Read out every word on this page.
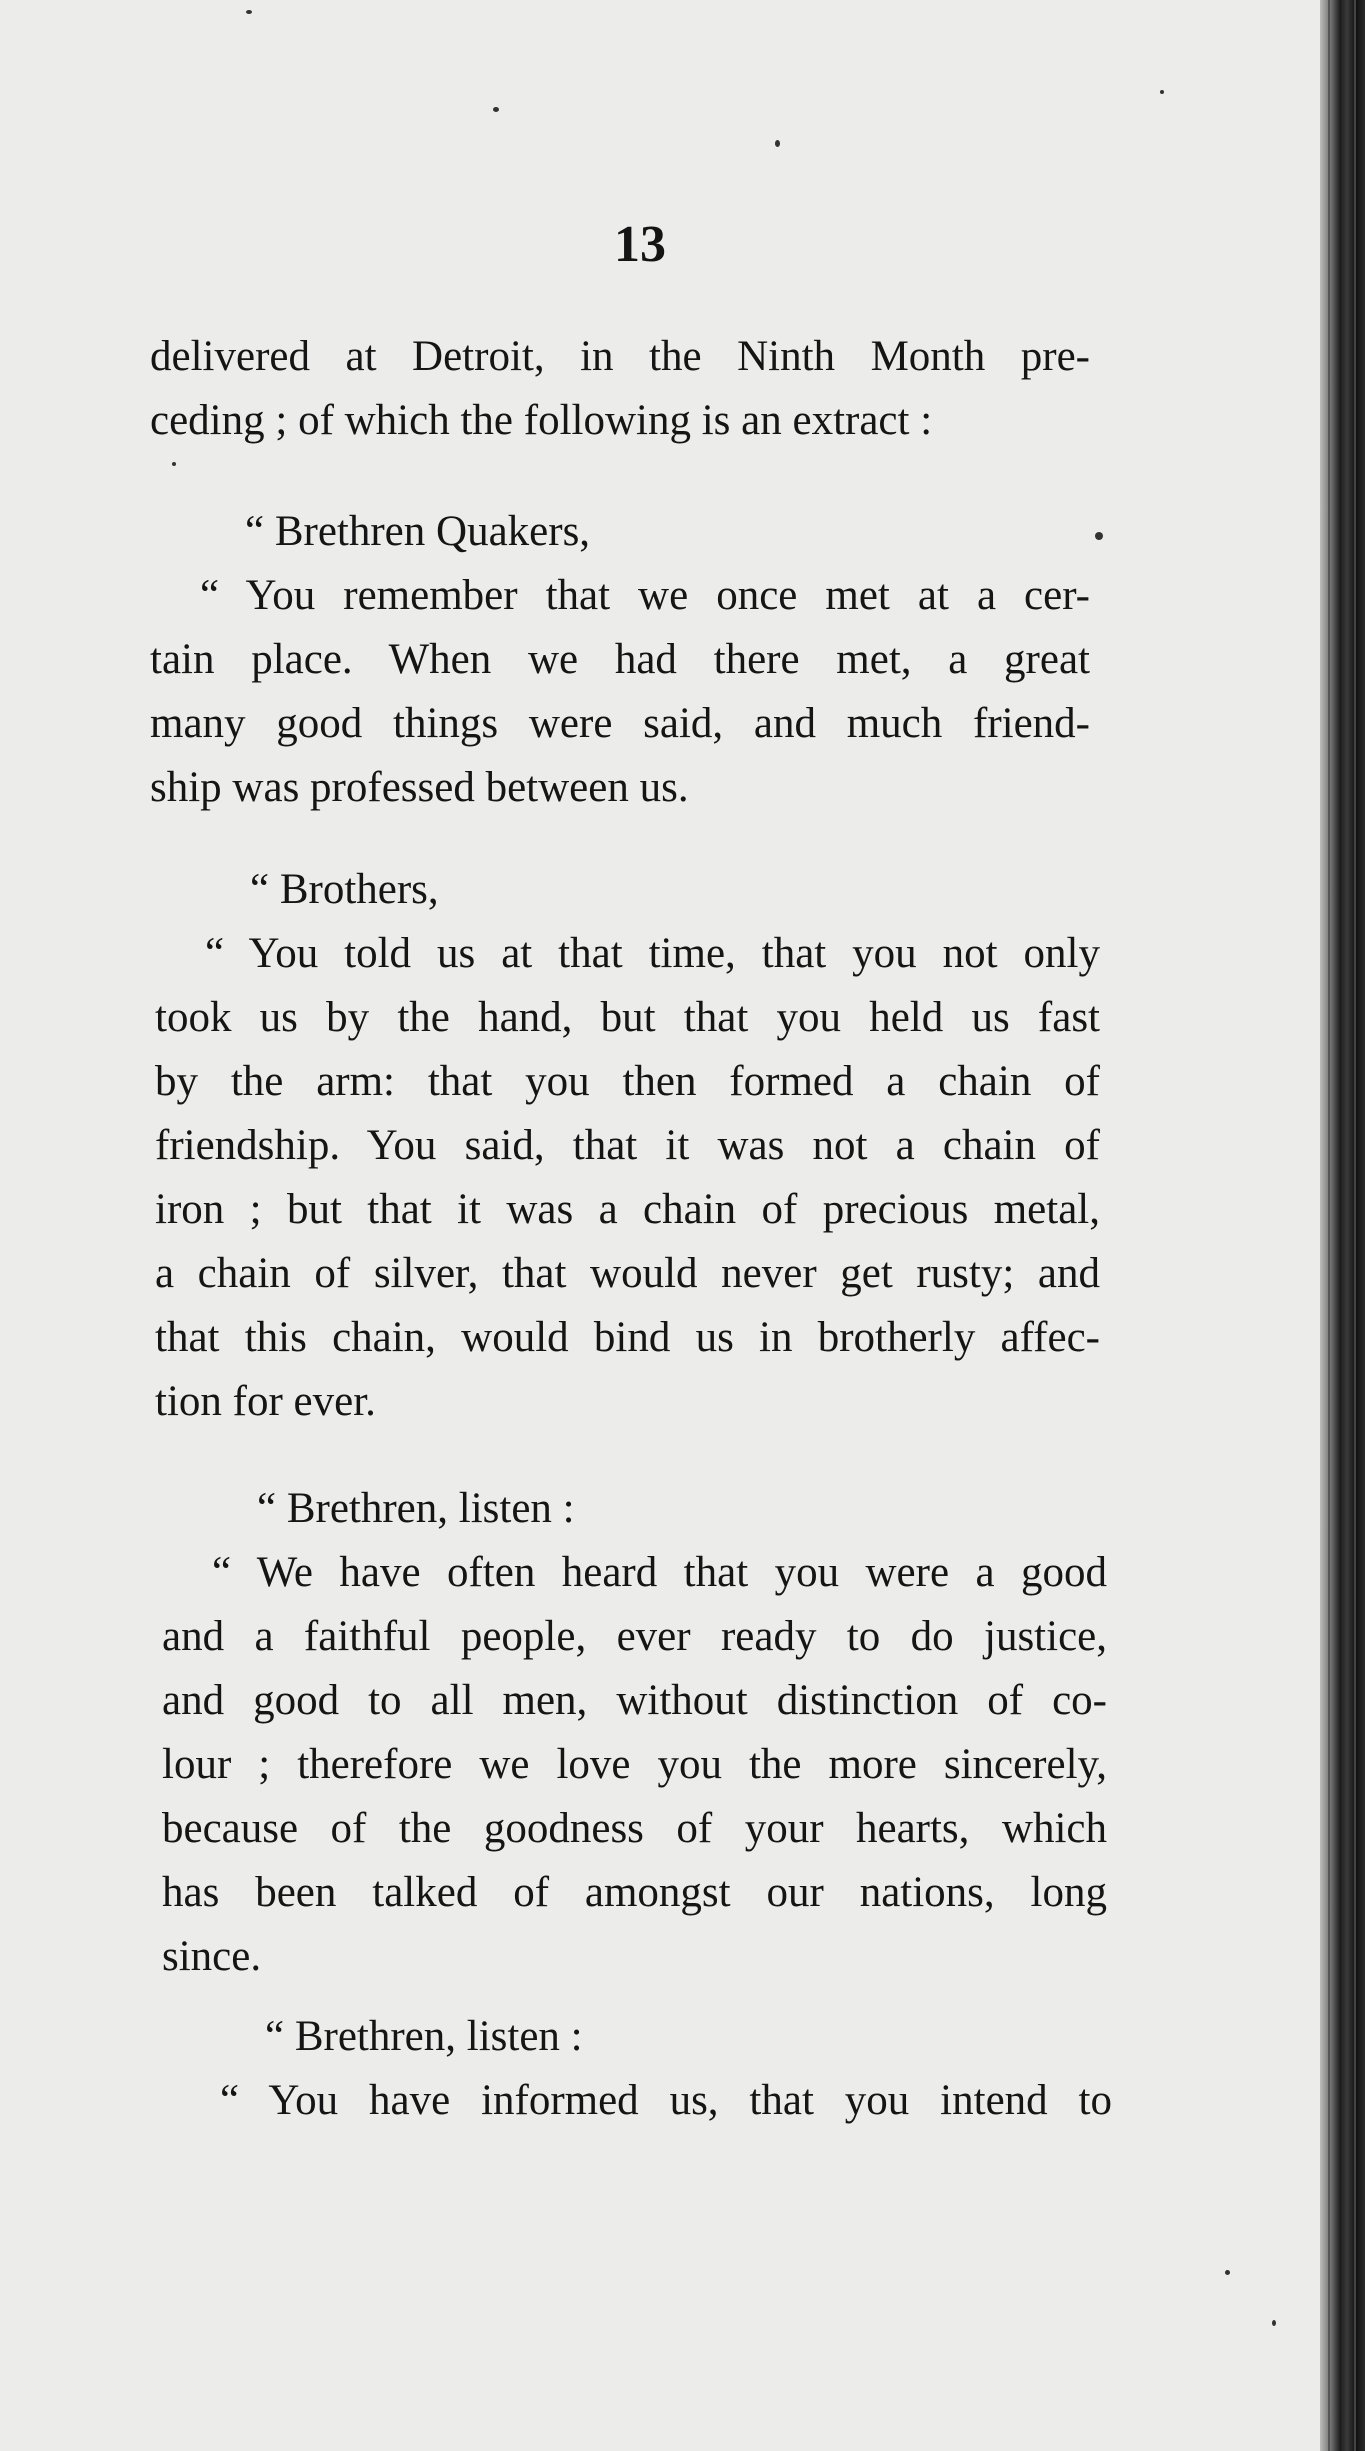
13
delivered at Detroit, in the Ninth Month pre-
ceding ; of which the following is an extract :
“ Brethren Quakers,
“ You remember that we once met at a cer-
tain place. When we had there met, a great
many good things were said, and much friend-
ship was professed between us.
“ Brothers,
“ You told us at that time, that you not only
took us by the hand, but that you held us fast
by the arm: that you then formed a chain of
friendship. You said, that it was not a chain of
iron ; but that it was a chain of precious metal,
a chain of silver, that would never get rusty; and
that this chain, would bind us in brotherly affec-
tion for ever.
“ Brethren, listen :
“ We have often heard that you were a good
and a faithful people, ever ready to do justice,
and good to all men, without distinction of co-
lour ; therefore we love you the more sincerely,
because of the goodness of your hearts, which
has been talked of amongst our nations, long
since.
“ Brethren, listen :
“ You have informed us, that you intend to
